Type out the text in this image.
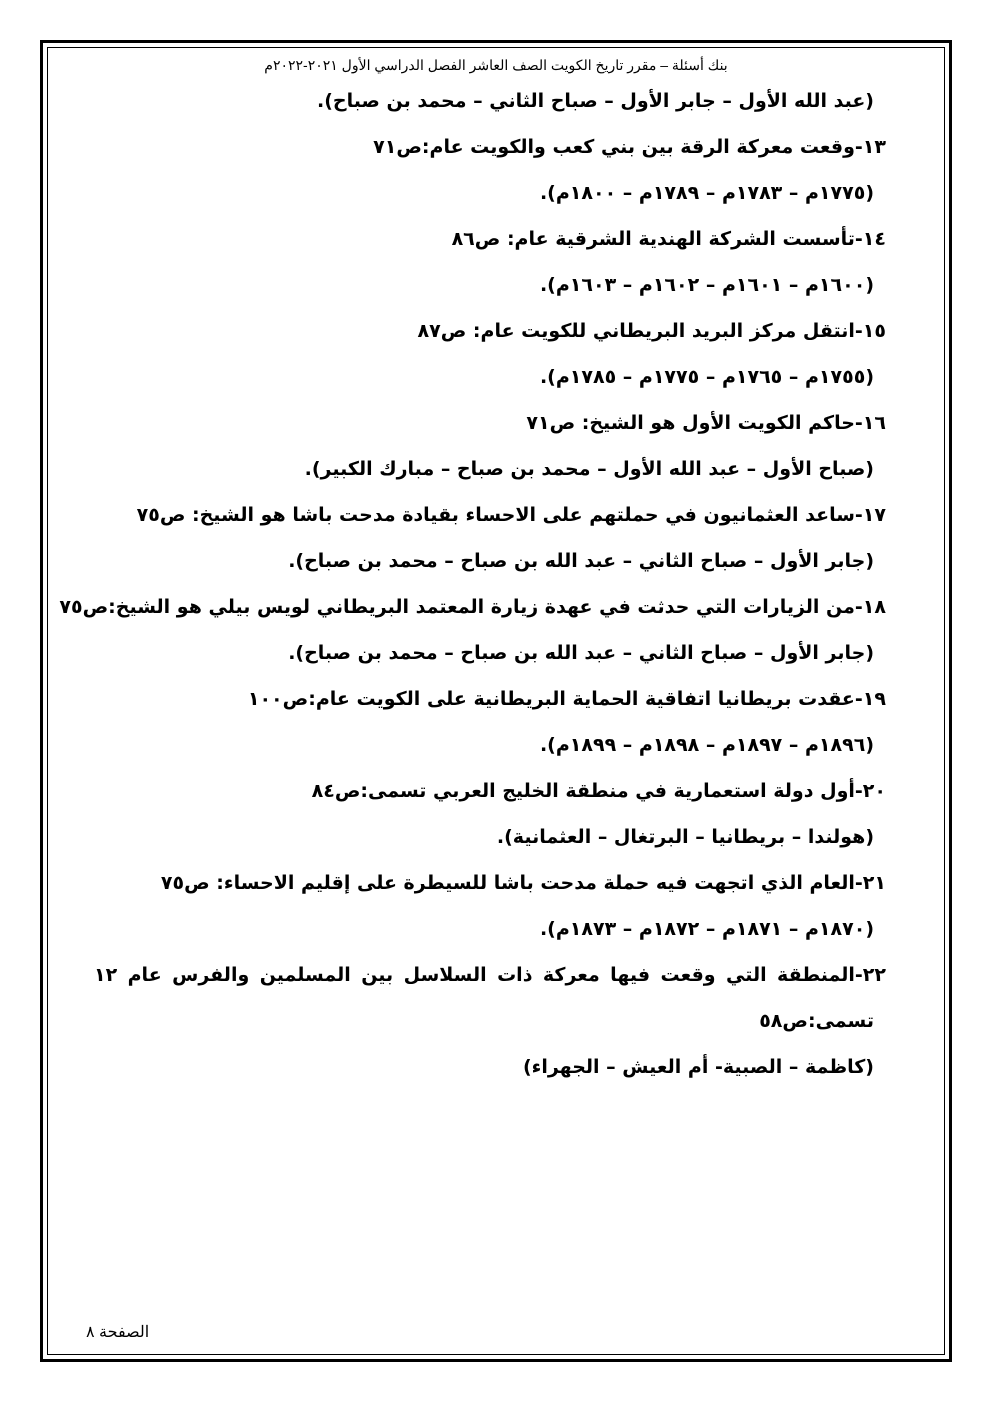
بنك أسئلة – مقرر تاريخ الكويت الصف العاشر الفصل الدراسي الأول ٢٠٢١-٢٠٢٢م
(عبد الله الأول – جابر الأول – صباح الثاني – محمد بن صباح).
١٣-وقعت معركة الرقة بين بني كعب والكويت عام:ص٧١
(١٧٧٥م – ١٧٨٣م – ١٧٨٩م – ١٨٠٠م).
١٤-تأسست الشركة الهندية الشرقية عام: ص٨٦
(١٦٠٠م – ١٦٠١م – ١٦٠٢م – ١٦٠٣م).
١٥-انتقل مركز البريد البريطاني للكويت عام: ص٨٧
(١٧٥٥م – ١٧٦٥م – ١٧٧٥م – ١٧٨٥م).
١٦-حاكم الكويت الأول هو الشيخ: ص٧١
(صباح الأول – عبد الله الأول – محمد بن صباح – مبارك الكبير).
١٧-ساعد العثمانيون في حملتهم على الاحساء بقيادة مدحت باشا هو الشيخ: ص٧٥
(جابر الأول – صباح الثاني – عبد الله بن صباح – محمد بن صباح).
١٨-من الزيارات التي حدثت في عهدة زيارة المعتمد البريطاني لويس بيلي هو الشيخ:ص٧٥
(جابر الأول – صباح الثاني – عبد الله بن صباح – محمد بن صباح).
١٩-عقدت بريطانيا اتفاقية الحماية البريطانية على الكويت عام:ص١٠٠
(١٨٩٦م – ١٨٩٧م – ١٨٩٨م – ١٨٩٩م).
٢٠-أول دولة استعمارية في منطقة الخليج العربي تسمى:ص٨٤
(هولندا – بريطانيا – البرتغال – العثمانية).
٢١-العام الذي اتجهت فيه حملة مدحت باشا للسيطرة على إقليم الاحساء: ص٧٥
(١٨٧٠م – ١٨٧١م – ١٨٧٢م – ١٨٧٣م).
٢٢-المنطقة التي وقعت فيها معركة ذات السلاسل بين المسلمين والفرس عام ١٢
تسمى:ص٥٨
(كاظمة – الصبية- أم العيش – الجهراء)
الصفحة ٨
